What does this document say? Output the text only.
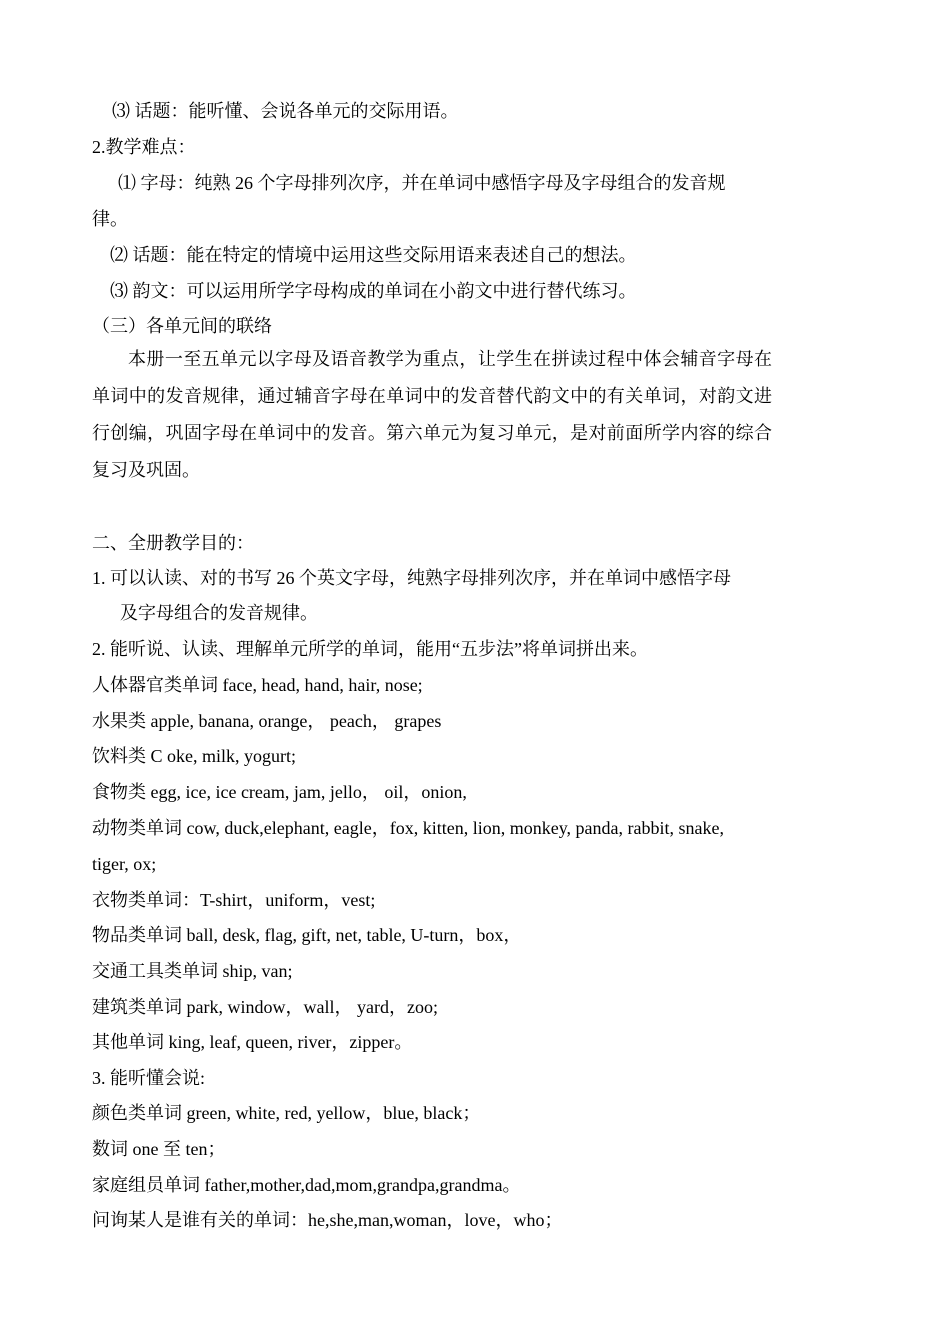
⑶ 话题：能听懂、会说各单元的交际用语。
2.教学难点：
⑴ 字母：纯熟 26 个字母排列次序，并在单词中感悟字母及字母组合的发音规
律。
⑵ 话题：能在特定的情境中运用这些交际用语来表述自己的想法。
⑶ 韵文：可以运用所学字母构成的单词在小韵文中进行替代练习。
（三）各单元间的联络

本册一至五单元以字母及语音教学为重点，让学生在拼读过程中体会辅音字母在单词中的发音规律，通过辅音字母在单词中的发音替代韵文中的有关单词，对韵文进行创编，巩固字母在单词中的发音。第六单元为复习单元，是对前面所学内容的综合复习及巩固。

二、全册教学目的：
1. 可以认读、对的书写 26 个英文字母，纯熟字母排列次序，并在单词中感悟字母
及字母组合的发音规律。
2. 能听说、认读、理解单元所学的单词，能用“五步法”将单词拼出来。
人体器官类单词 face, head, hand, hair, nose;
水果类 apple, banana, orange， peach， grapes
饮料类 C oke, milk, yogurt;
食物类 egg, ice, ice cream, jam, jello， oil，onion,
动物类单词 cow, duck,elephant, eagle，fox, kitten, lion, monkey, panda, rabbit, snake,
tiger, ox;
衣物类单词：T-shirt，uniform，vest;
物品类单词 ball, desk, flag, gift, net, table, U-turn，box，
交通工具类单词 ship, van;
建筑类单词 park, window，wall， yard，zoo;
其他单词 king, leaf, queen, river，zipper。
3. 能听懂会说:
颜色类单词 green, white, red, yellow，blue, black；
数词 one 至 ten；
家庭组员单词 father,mother,dad,mom,grandpa,grandma。
问询某人是谁有关的单词：he,she,man,woman，love，who；
